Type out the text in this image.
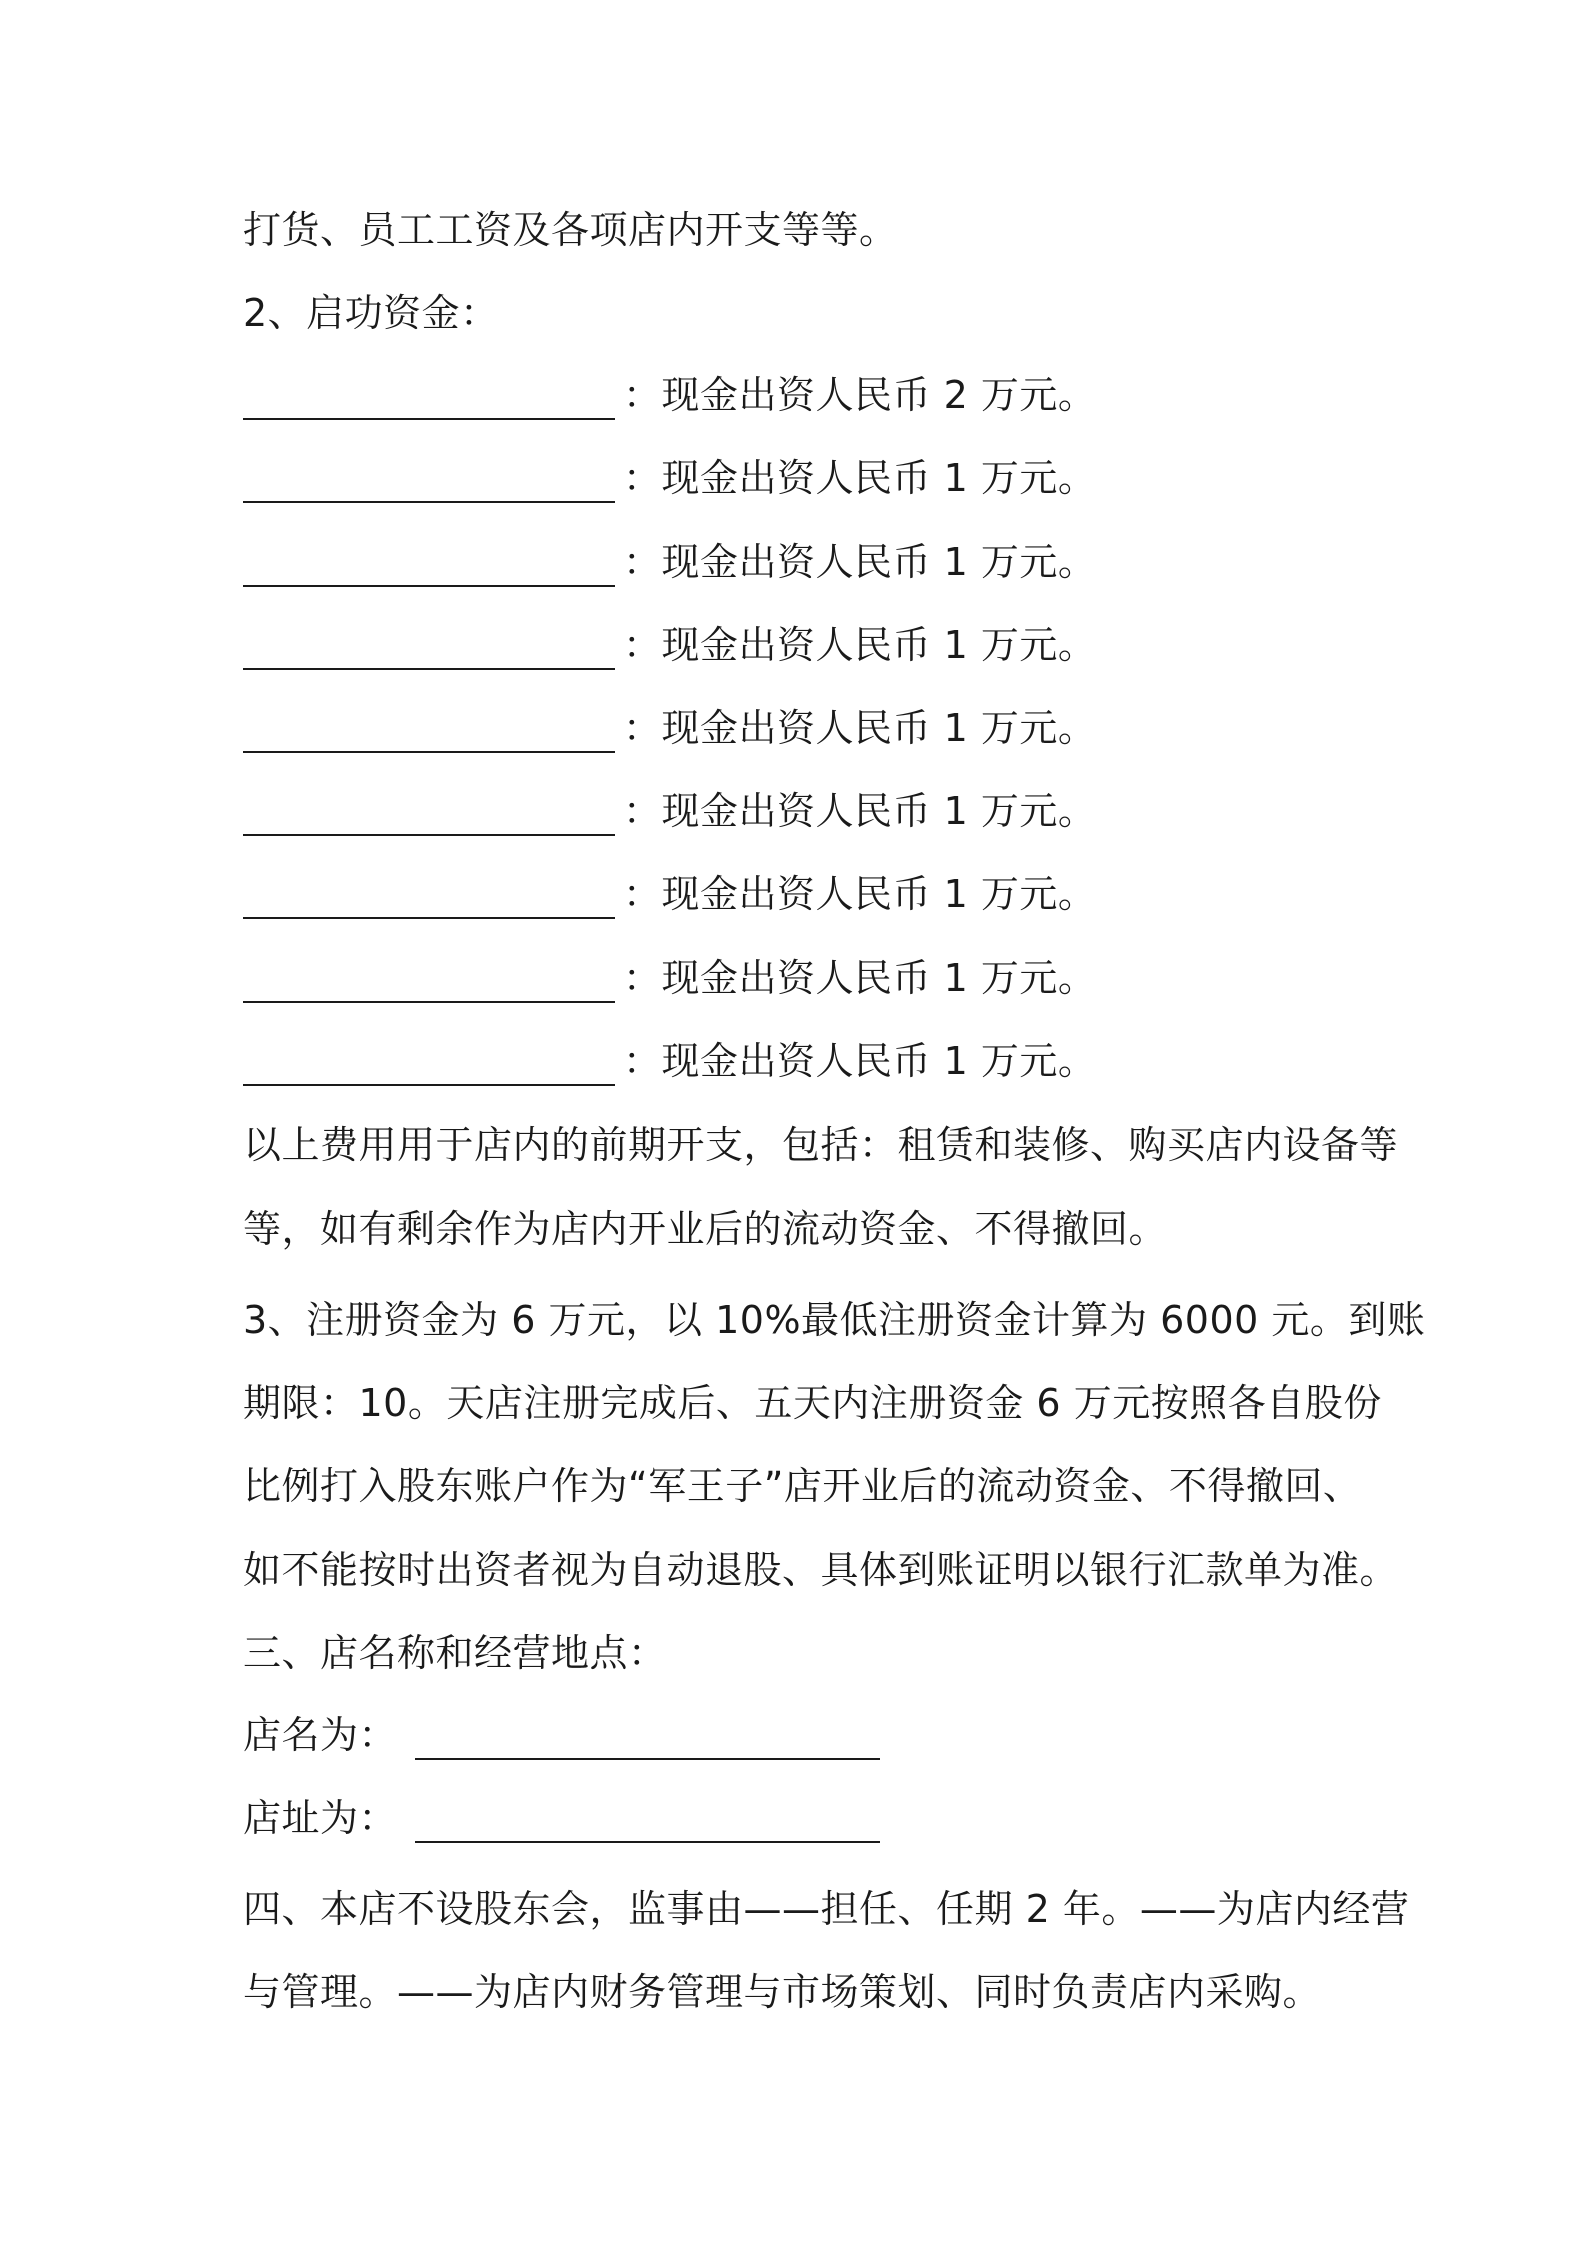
打货、员工工资及各项店内开支等等。
2、启功资金：
：现金出资人民币 2 万元。
：现金出资人民币 1 万元。
：现金出资人民币 1 万元。
：现金出资人民币 1 万元。
：现金出资人民币 1 万元。
：现金出资人民币 1 万元。
：现金出资人民币 1 万元。
：现金出资人民币 1 万元。
：现金出资人民币 1 万元。
以上费用用于店内的前期开支，包括：租赁和装修、购买店内设备等
等，如有剩余作为店内开业后的流动资金、不得撤回。
3、注册资金为 6 万元，以 10%最低注册资金计算为 6000 元。到账
期限：10。天店注册完成后、五天内注册资金 6 万元按照各自股份
比例打入股东账户作为“军王子”店开业后的流动资金、不得撤回、
如不能按时出资者视为自动退股、具体到账证明以银行汇款单为准。
三、店名称和经营地点：
店名为：
店址为：
四、本店不设股东会，监事由——担任、任期 2 年。——为店内经营
与管理。——为店内财务管理与市场策划、同时负责店内采购。
